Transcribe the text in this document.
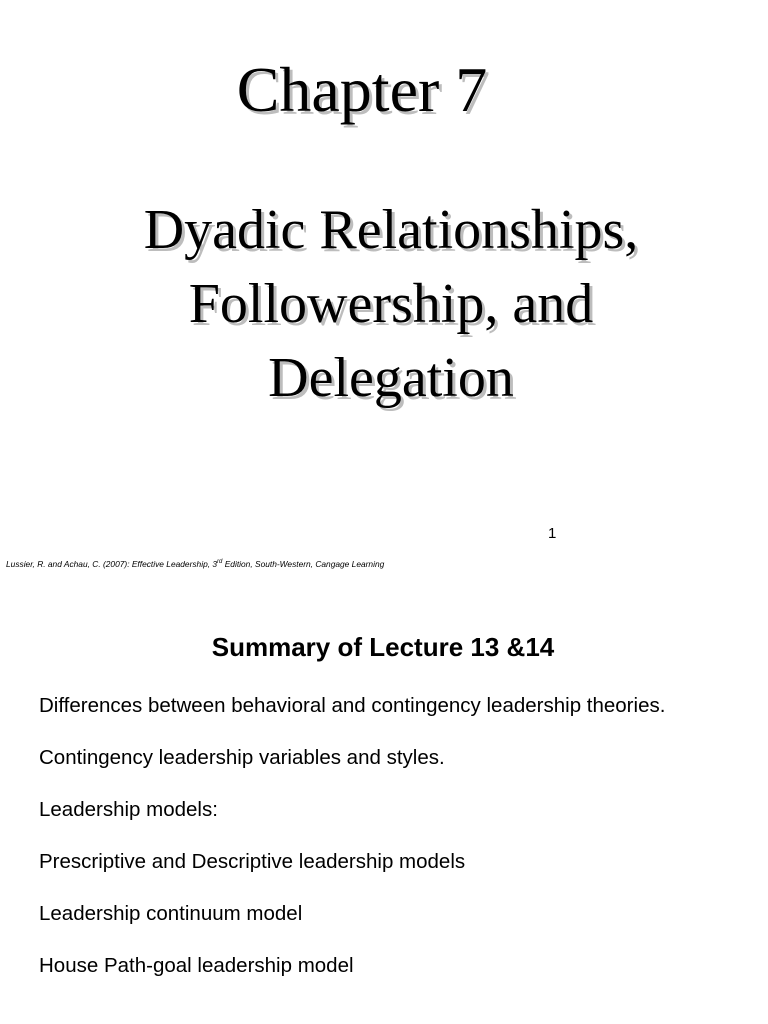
Chapter 7
Dyadic Relationships,
Followership, and
Delegation
1
Lussier, R. and Achau, C. (2007): Effective Leadership, 3rd Edition, South-Western, Cangage Learning
Summary of Lecture 13 &14
Differences between behavioral and contingency leadership theories.
Contingency leadership variables and styles.
Leadership models:
Prescriptive and Descriptive leadership models
Leadership continuum model
House Path-goal leadership model
